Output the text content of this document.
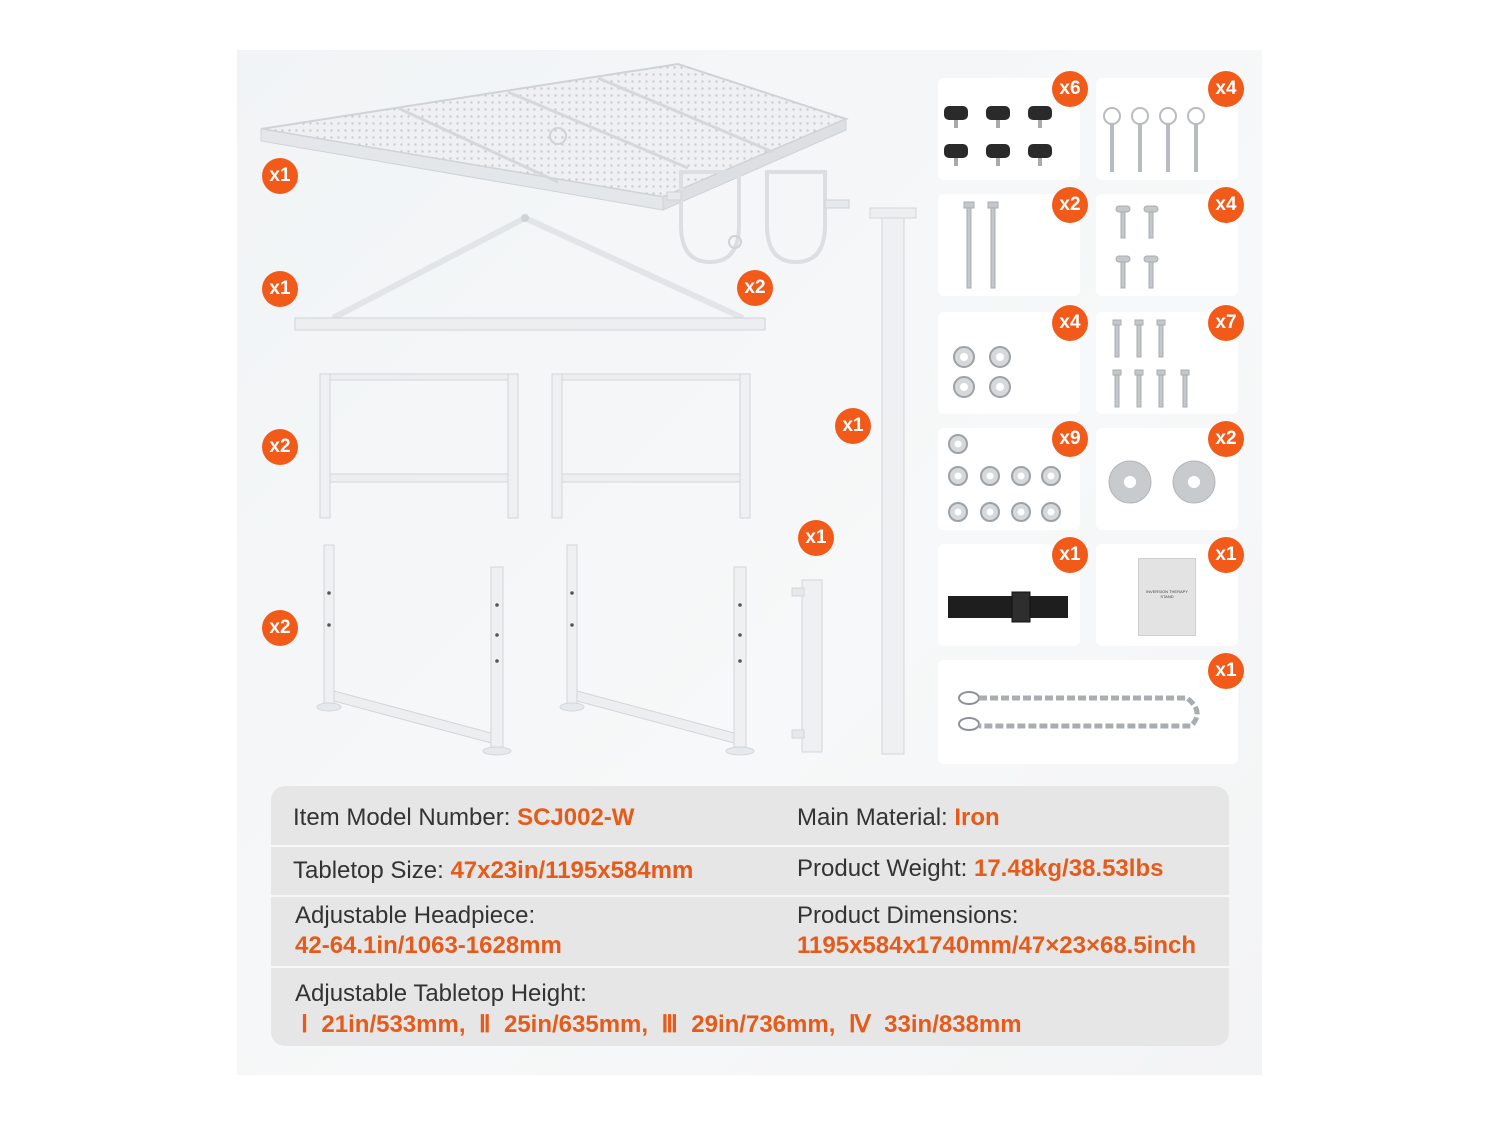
x1
x1	x2
x2
x2
x1
x1
x6	x4
x2	x4
x4	x7
x9	x2
x1
INVERSION THERAPY STAND
x1
x1
Item Model Number: SCJ002-W	Main Material: Iron
Tabletop Size: 47x23in/1195x584mm	Product Weight: 17.48kg/38.53lbs
Adjustable Headpiece:
42-64.1in/1063-1628mm
Product Dimensions:
1195x584x1740mm/47×23×68.5inch
Adjustable Tabletop Height:
Ⅰ  21in/533mm,  Ⅱ  25in/635mm,  Ⅲ  29in/736mm,  Ⅳ  33in/838mm
